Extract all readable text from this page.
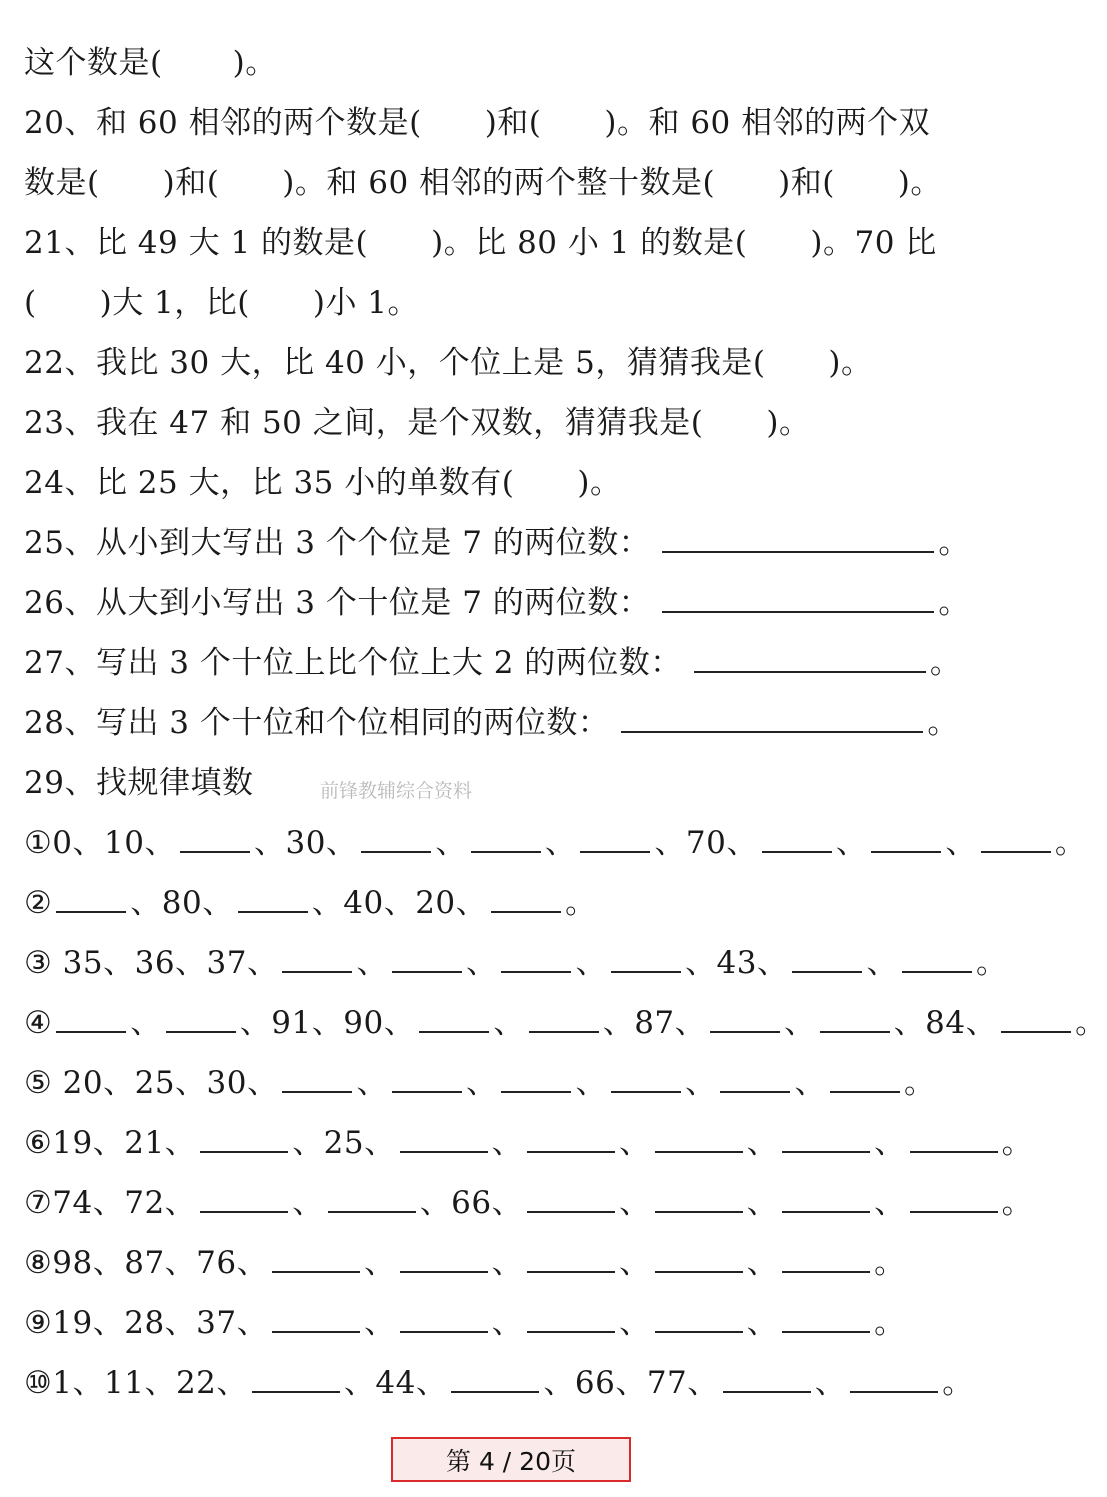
这个数是( )。
20、和 60 相邻的两个数是(  )和(  )。和 60 相邻的两个双
数是(  )和(  )。和 60 相邻的两个整十数是(  )和(  )。
21、比 49 大 1 的数是(  )。比 80 小 1 的数是(  )。70 比
(  )大 1，比(  )小 1。
22、我比 30 大，比 40 小，个位上是 5，猜猜我是(  )。
23、我在 47 和 50 之间，是个双数，猜猜我是(  )。
24、比 25 大，比 35 小的单数有(  )。
25、从小到大写出 3 个个位是 7 的两位数：	。
26、从大到小写出 3 个十位是 7 的两位数：	。
27、写出 3 个十位上比个位上大 2 的两位数：	。
28、写出 3 个十位和个位相同的两位数：	。
29、找规律填数	前锋教辅综合资料
①0、10、	、30、	、	、	、70、	、	、	。
②	、80、	、40、20、	。
③ 35、36、37、	、	、	、	、43、	、	。
④	、	、91、90、	、	、87、	、	、84、	。
⑤ 20、25、30、	、	、	、	、	、	。
⑥19、21、	、25、	、	、	、	、	。
⑦74、72、	、	、66、	、	、	、	。
⑧98、87、76、	、	、	、	、	。
⑨19、28、37、	、	、	、	、	。
⑩1、11、22、	、44、	、66、77、	、	。
第 4 / 20页
